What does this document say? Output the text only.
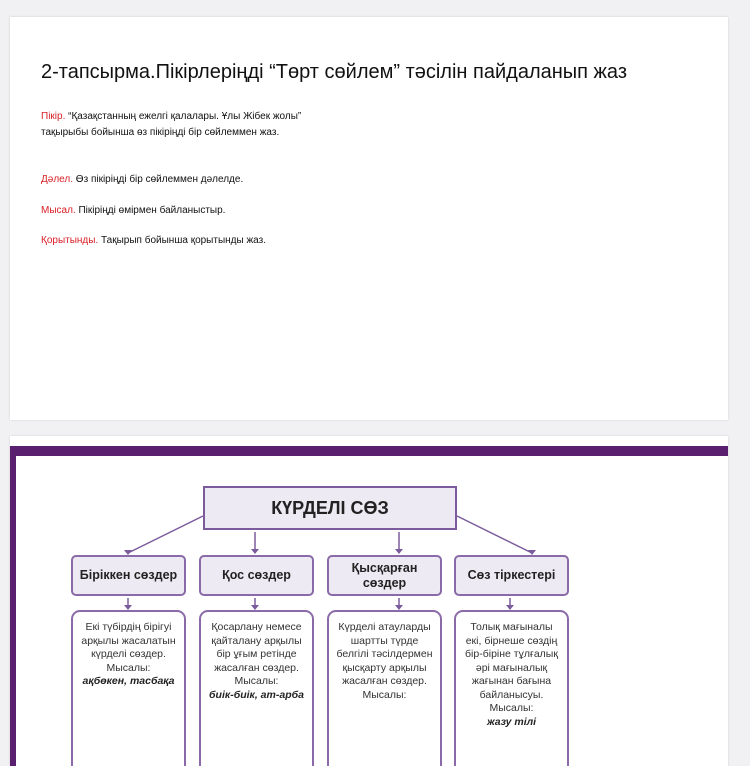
2-тапсырма.Пікірлеріңді “Төрт сөйлем” тәсілін пайдаланып жаз
Пікір. “Қазақстанның ежелгі қалалары. Ұлы Жібек жолы” тақырыбы бойынша өз пікіріңді бір сөйлеммен жаз.
Дәлел. Өз пікіріңді бір сөйлеммен дәлелде.
Мысал. Пікіріңді өмірмен байланыстыр.
Қорытынды. Тақырып бойынша қорытынды жаз.
КҮРДЕЛІ СӨЗ
Біріккен сөздер	Қос сөздер
Қысқарған сөздер
Сөз тіркестері
Екі түбірдің бірігуі арқылы жасалатын күрделі сөздер. Мысалы:
ақбөкен, тасбақа
Қосарлану немесе қайталану арқылы бір ұғым ретінде жасалған сөздер. Мысалы:
биік-биік, ат-арба
Күрделі атауларды шартты түрде белгілі тәсілдермен қысқарту арқылы жасалған сөздер. Мысалы:

Толық мағыналы екі, бірнеше сөздің бір-біріне тұлғалық әрі мағыналық жағынан бағына байланысуы. Мысалы:
жазу тілі
